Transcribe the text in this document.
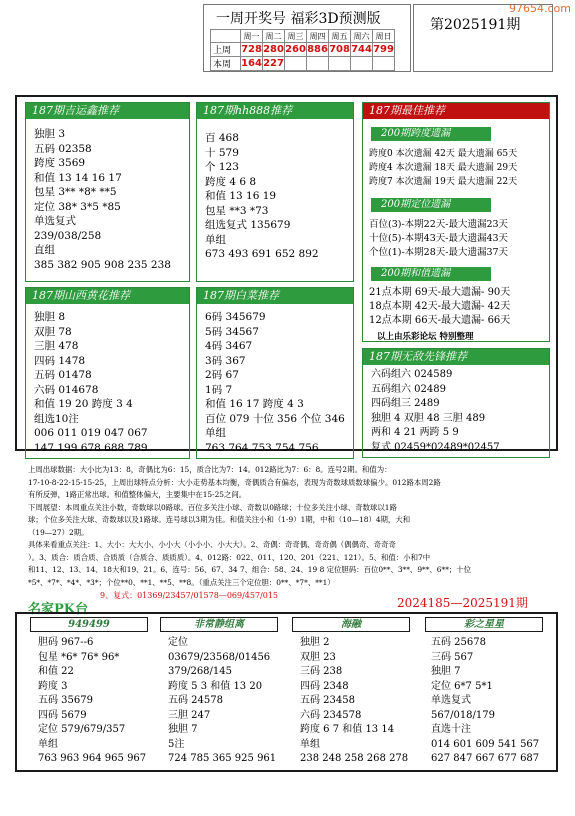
97654.com
一周开奖号 福彩3D预测版	第2025191期
	周一	周二	周三	周四	周五	周六	周日
上周	728	280	260	886	708	744	799
本周	164	227					
187期吉运鑫推荐
独胆 3
五码 02358
跨度 3569
和值 13 14 16 17
包星 3** *8* **5
定位 38* 3*5 *85
单选复式
239/038/258
直组
385 382 905 908 235 238
187期hh888推荐
百 468
十 579
个 123
跨度 4 6 8
和值 13 16 19
包星 **3 *73
组选复式 135679
单组
673 493 691 652 892
187期山西黄花推荐
独胆 8
双胆 78
三胆 478
四码 1478
五码 01478
六码 014678
和值 19 20 跨度 3 4
组选10注
006 011 019 047 067
147 199 678 688 789
187期白菜推荐
6码 345679
5码 34567
4码 3467
3码 367
2码 67
1码 7
和值 16 17 跨度 4 3
百位 079 十位 356 个位 346
单组
763 764 753 754 756
187期最佳推荐
200期跨度遗漏
跨度0 本次遗漏 42天 最大遗漏 65天
跨度4 本次遗漏 18天 最大遗漏 29天
跨度7 本次遗漏 19天 最大遗漏 22天
200期定位遗漏
百位(3)-本期22天-最大遗漏23天
十位(5)-本期43天-最大遗漏43天
个位(1)-本期28天-最大遗漏37天
200期和值遗漏
21点本期 69天-最大遗漏- 90天
18点本期 42天-最大遗漏- 42天
12点本期 66天-最大遗漏- 66天
以上由乐彩论坛 特别整理
187期无敌先锋推荐
六码组六 024589
五码组六 02489
四码组三 2489
独胆 4 双胆 48 三胆 489
两和 4 21 两跨 5 9
复式 02459*02489*02457
上周出球数据：大小比为13：8，奇偶比为6：15，质合比为7：14。012路比为7：6：8。连号2期。和值为：
17-10-8-22-15-15-25，上周出球特点分析：大小走势基本均衡，奇偶质合有偏态，表现为奇数球质数球偏少。012路本周2路
有所反弹，1路正常出球。和值整体偏大，主要集中在15-25之间。
下周展望：本周重点关注小数，奇数球以0路球。百位多关注小球、奇数以0路球；十位多关注小球、奇数球以1路
球；个位多关注大球、奇数球以及1路球。连号球以3期为佳。和值关注小和（1-9）1期，中和（10—18）4期，大和
（19—27）2期。
具体来看重点关注：1、大小：大大小、小小大（小小小、小大大）。2、奇偶：奇奇偶、奇奇偶（偶偶奇、奇奇奇
）。3、质合：质合质、合质质（合质合、质质质）。4、012路：022、011、120、201（221、121）。5、和值：小和7中
和11、12、13、14、18大和19、21。6、连号：56、67、34 7、组合：58、24、19 8 定位胆码：百位0**、3**、9**、6**；十位
*5*、*7*、*4*、*3*；个位**0、**1、**5、**8。（重点关注三个定位胆：0**、*7*、**1）
9、复式：01369/23457/01578—069/457/015
名家PK台	2024185—2025191期
949499
胆码 967--6
包星 *6* 76* 96*
和值 22
跨度 3
五码 35679
四码 5679
定位 579/679/357
单组
763 963 964 965 967
非常静组离
定位
03679/23568/01456
379/268/145
跨度 5 3 和值 13 20
五码 24578
三胆 247
独胆 7
5注
724 785 365 925 961
海融
独胆 2
双胆 23
三码 238
四码 2348
五码 23458
六码 234578
跨度 6 7 和值 13 14
单组
238 248 258 268 278
彩之星星
五码 25678
三码 567
独胆 7
定位 6*7 5*1
单选复式
567/018/179
直选十注
014 601 609 541 567
627 847 667 677 687
